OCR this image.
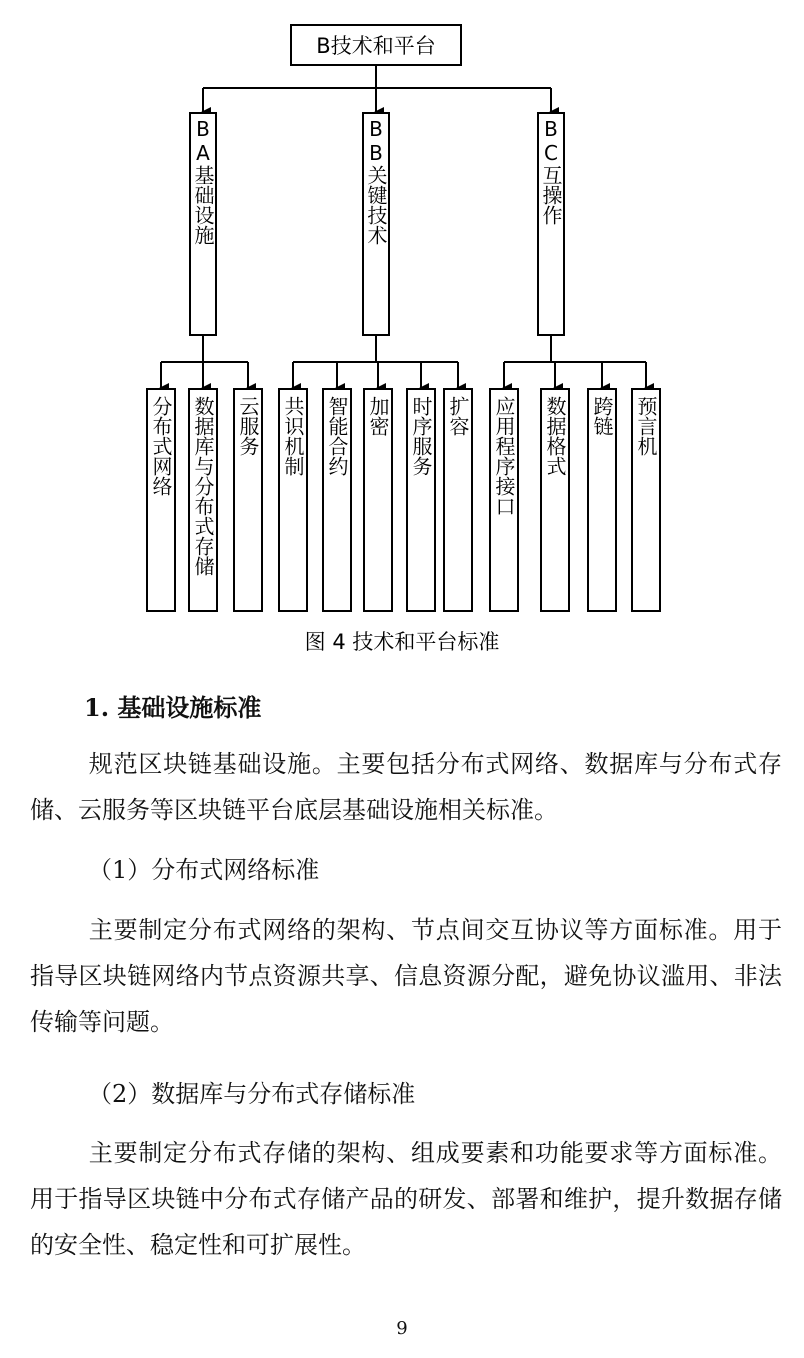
B技术和平台
BA基础设施	BB关键技术	BC互操作
分布式网络 数据库与分布式存储 云服务 共识机制 智能合约 加密 时序服务 扩容 应用程序接口 数据格式 跨链 预言机
图 4 技术和平台标准
1. 基础设施标准
规范区块链基础设施。主要包括分布式网络、数据库与分布式存储、云服务等区块链平台底层基础设施相关标准。
（1）分布式网络标准
主要制定分布式网络的架构、节点间交互协议等方面标准。用于指导区块链网络内节点资源共享、信息资源分配，避免协议滥用、非法传输等问题。
（2）数据库与分布式存储标准
主要制定分布式存储的架构、组成要素和功能要求等方面标准。用于指导区块链中分布式存储产品的研发、部署和维护，提升数据存储的安全性、稳定性和可扩展性。
9
